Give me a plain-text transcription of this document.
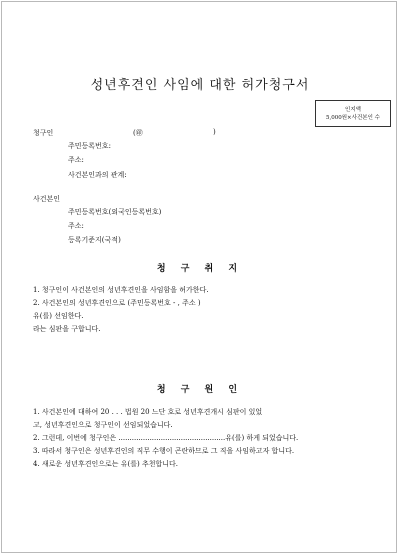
성년후견인 사임에 대한 허가청구서
인지액
5,000원×사건본인 수
청구인	(㊞	)
주민등록번호:
주소:
사건본인과의 관계:
사건본인
주민등록번호(외국인등록번호)
주소:
등록기준지(국적)
청 구 취 지
1. 청구인이 사건본인의 성년후견인을 사임함을 허가한다.
2. 사건본인의 성년후견인으로 (주민등록번호 - , 주소 )
유(를) 선임한다.
라는 심판을 구합니다.
청 구 원 인
1. 사건본인에 대하여 20 . . . 법원 20 느단 호로 성년후견개시 심판이 있었
고, 성년후견인으로 청구인이 선임되었습니다.
2. 그런데, 이번에 청구인은 ................................................유(를) 하게 되었습니다.
3. 따라서 청구인은 성년후견인의 직무 수행이 곤란하므로 그 직을 사임하고자 합니다.
4. 새로운 성년후견인으로는 유(를) 추천합니다.
